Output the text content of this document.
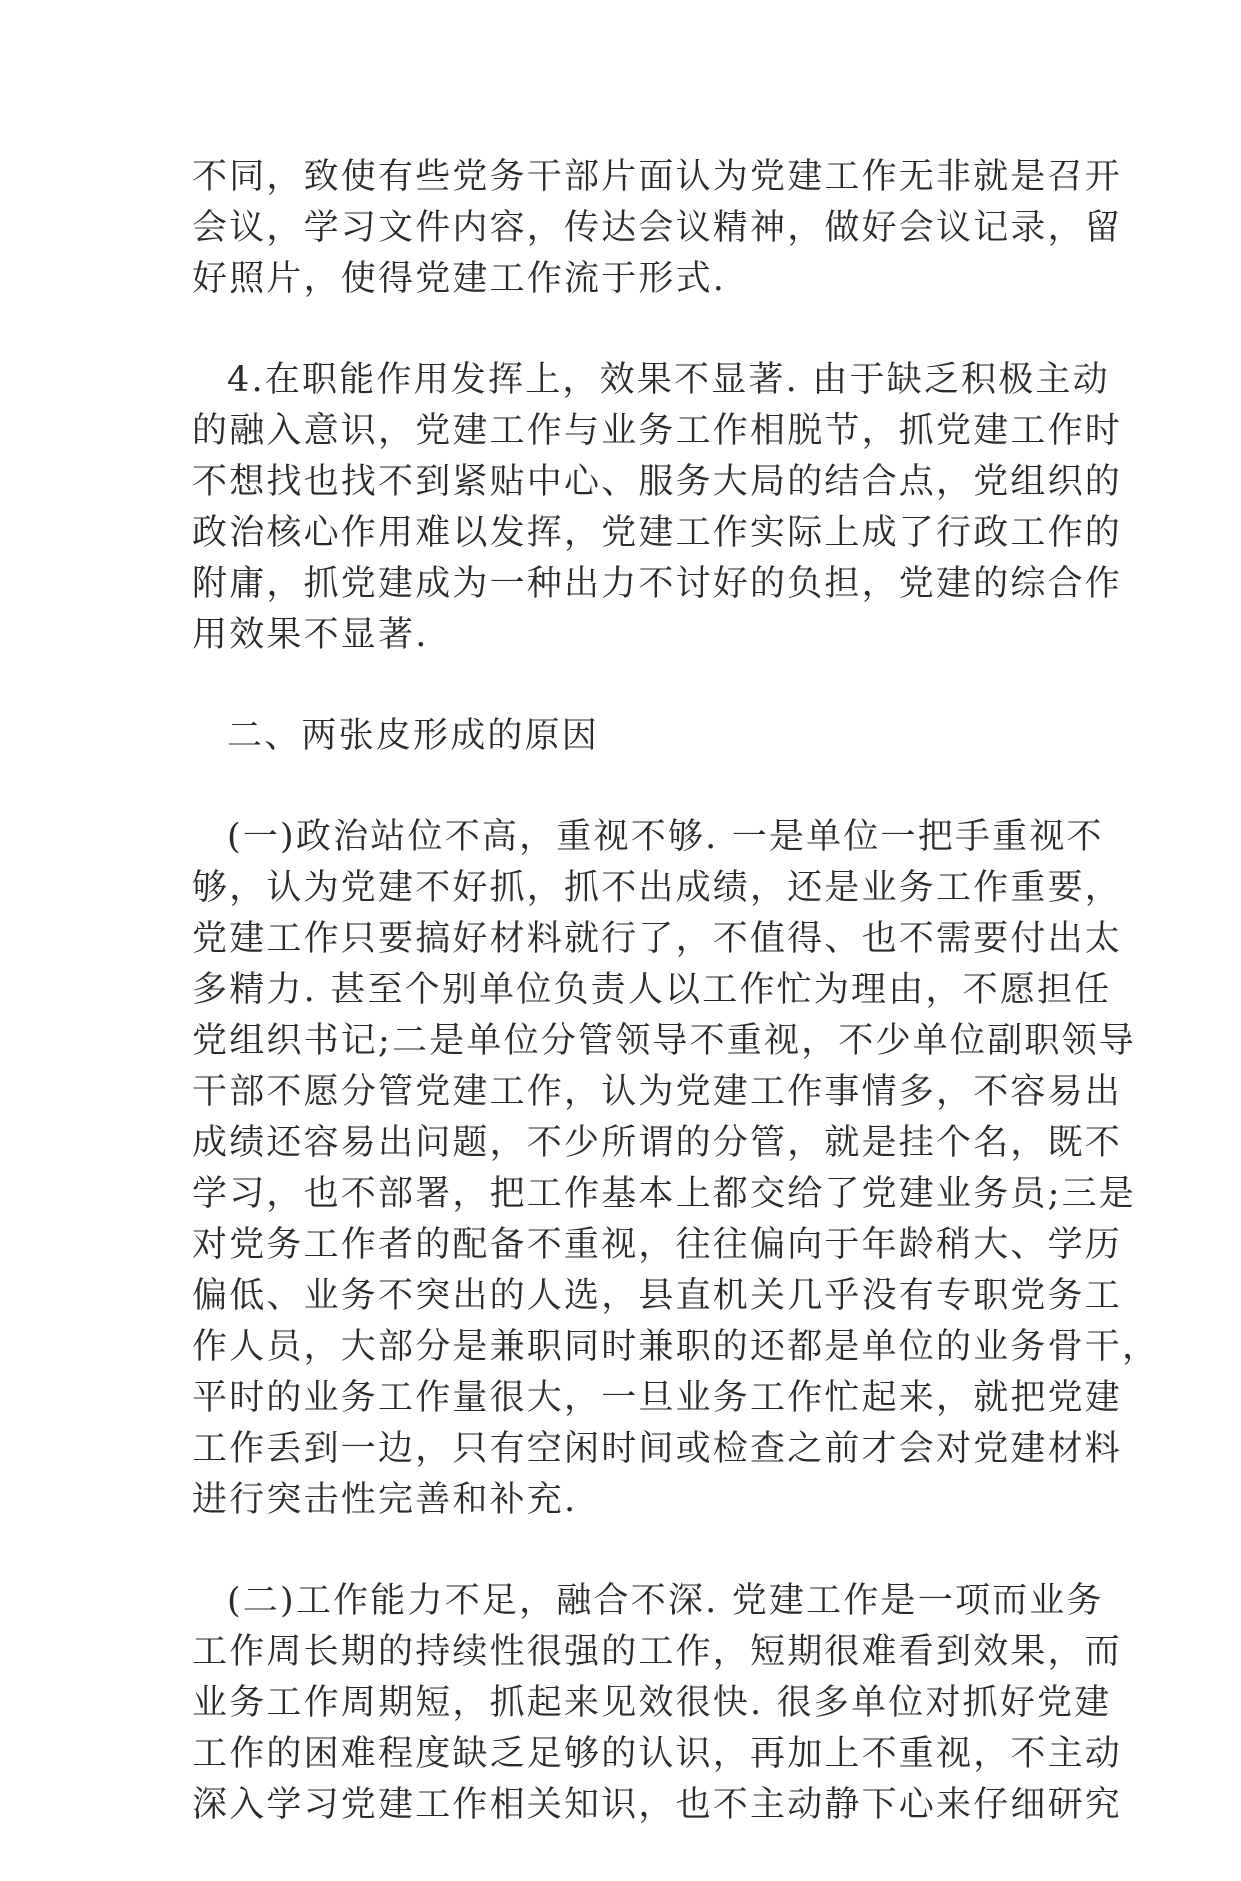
不同，致使有些党务干部片面认为党建工作无非就是召开
会议，学习文件内容，传达会议精神，做好会议记录，留
好照片，使得党建工作流于形式.
4.在职能作用发挥上，效果不显著. 由于缺乏积极主动
的融入意识，党建工作与业务工作相脱节，抓党建工作时
不想找也找不到紧贴中心、服务大局的结合点，党组织的
政治核心作用难以发挥，党建工作实际上成了行政工作的
附庸，抓党建成为一种出力不讨好的负担，党建的综合作
用效果不显著.
二、两张皮形成的原因
(一)政治站位不高，重视不够. 一是单位一把手重视不
够，认为党建不好抓，抓不出成绩，还是业务工作重要，
党建工作只要搞好材料就行了，不值得、也不需要付出太
多精力. 甚至个别单位负责人以工作忙为理由，不愿担任
党组织书记;二是单位分管领导不重视，不少单位副职领导
干部不愿分管党建工作，认为党建工作事情多，不容易出
成绩还容易出问题，不少所谓的分管，就是挂个名，既不
学习，也不部署，把工作基本上都交给了党建业务员;三是
对党务工作者的配备不重视，往往偏向于年龄稍大、学历
偏低、业务不突出的人选，县直机关几乎没有专职党务工
作人员，大部分是兼职同时兼职的还都是单位的业务骨干，
平时的业务工作量很大，一旦业务工作忙起来，就把党建
工作丢到一边，只有空闲时间或检查之前才会对党建材料
进行突击性完善和补充.
(二)工作能力不足，融合不深. 党建工作是一项而业务
工作周长期的持续性很强的工作，短期很难看到效果，而
业务工作周期短，抓起来见效很快. 很多单位对抓好党建
工作的困难程度缺乏足够的认识，再加上不重视，不主动
深入学习党建工作相关知识，也不主动静下心来仔细研究
